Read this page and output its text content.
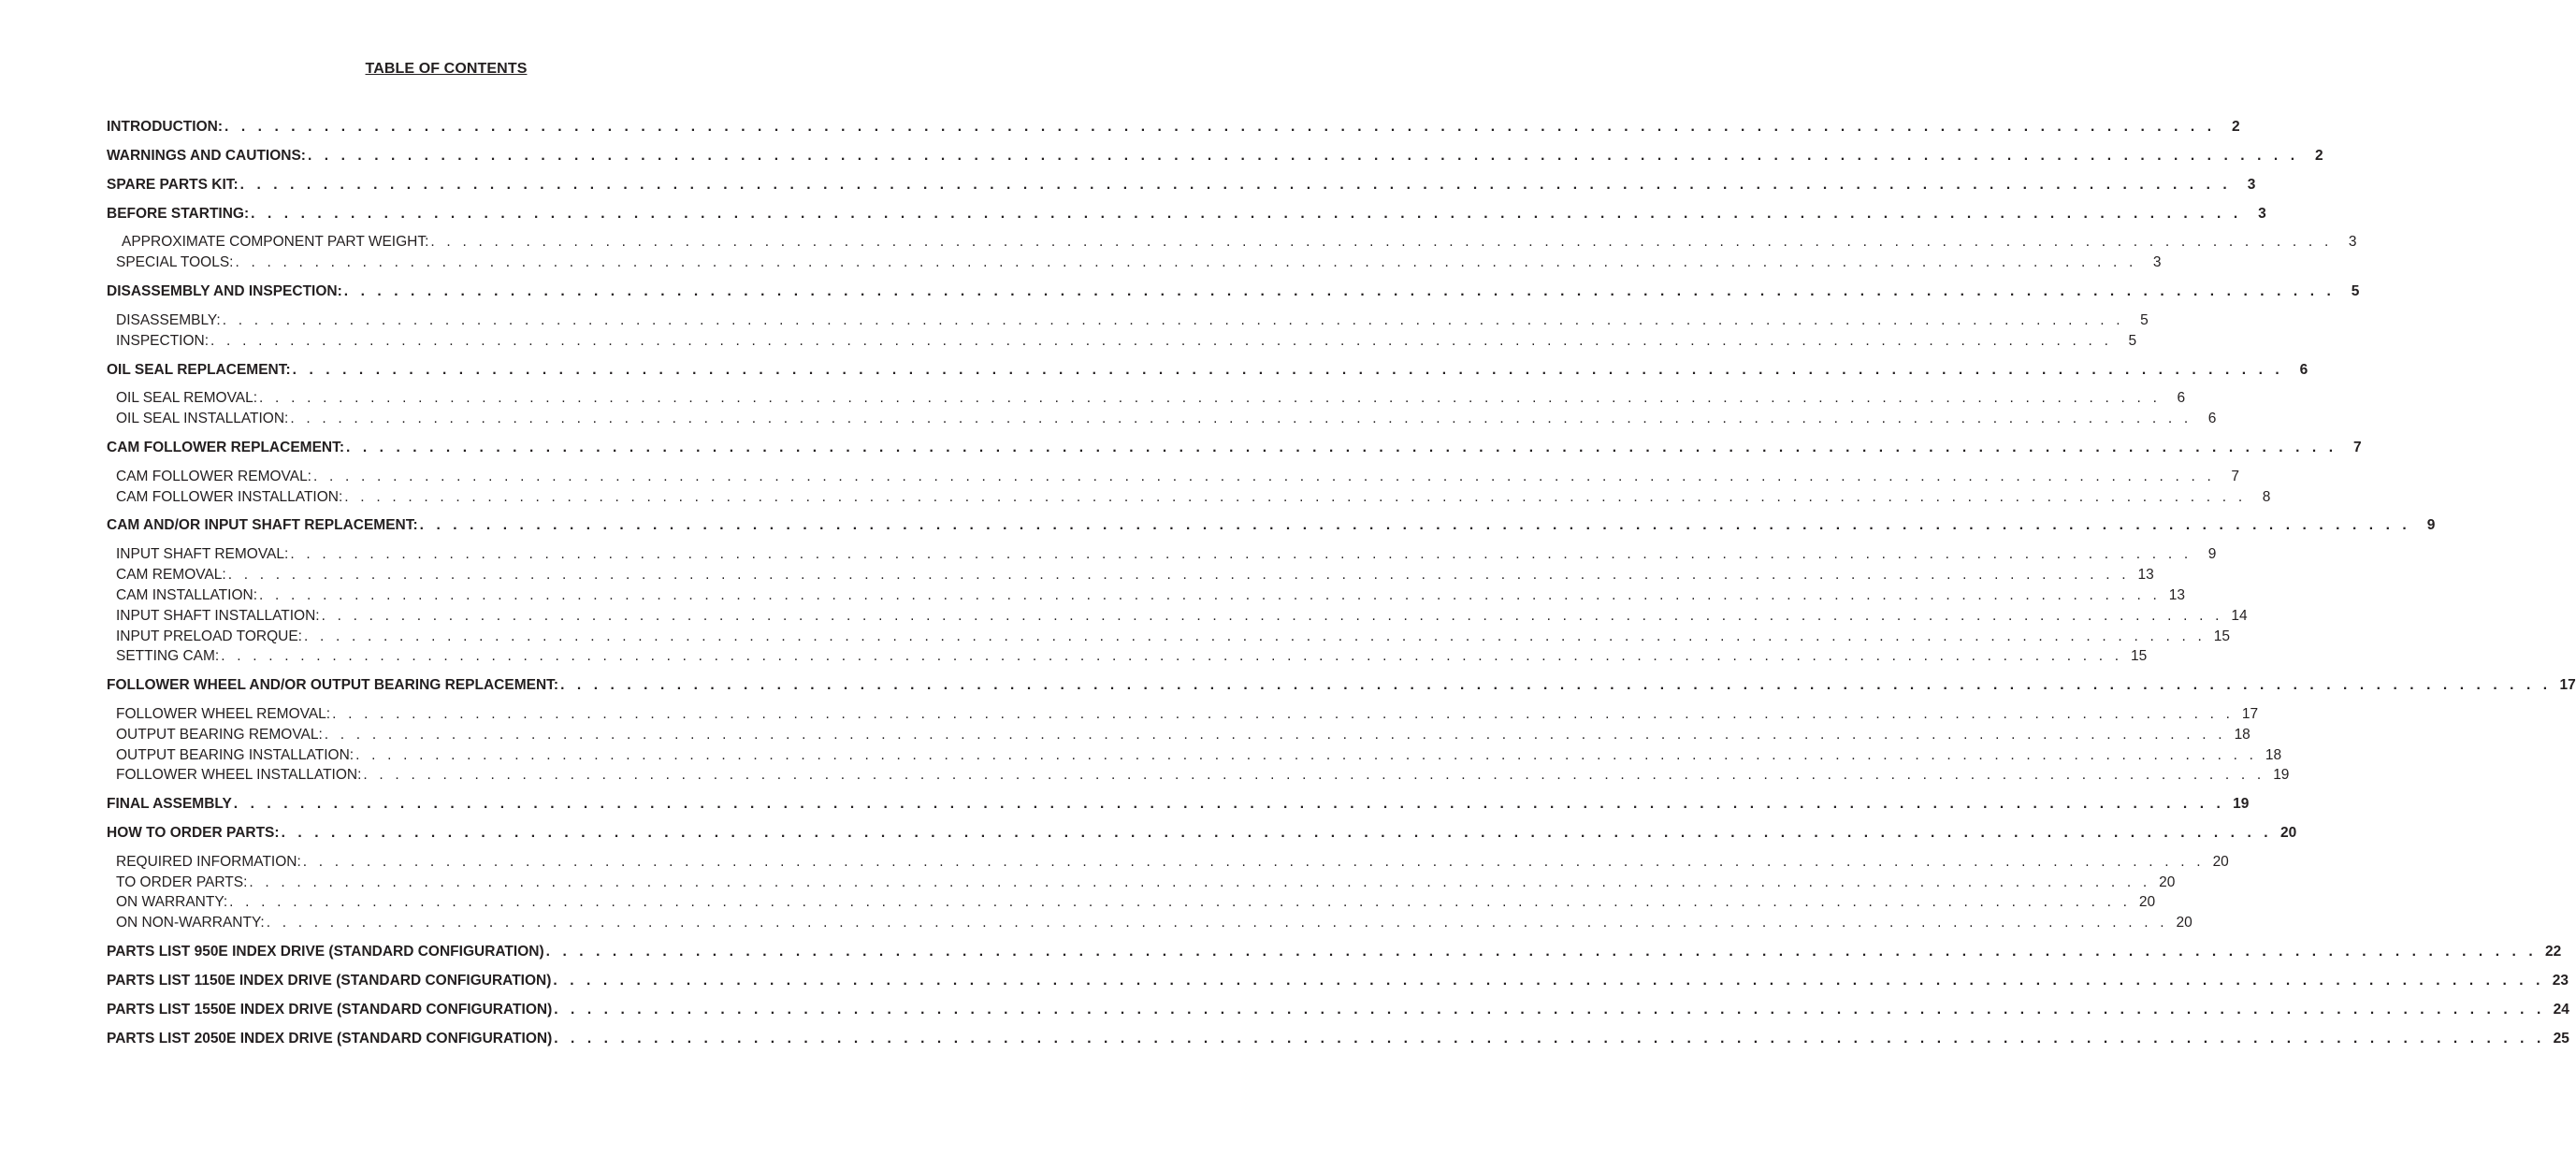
TABLE OF CONTENTS
INTRODUCTION: . . . . . . . . . . . . . . . . . . . . . . . . . . . . . . . . . . . . . . . . . . . . . . . . . . . . . . . . . . . . . . . . . . . . . . . . . . . . . . . . . . . . . . . . . . . . . . . . . . . . . . . . . . . . . . . . . . . . . . . .	2
WARNINGS AND CAUTIONS: . . . . . . . . . . . . . . . . . . . . . . . . . . . . . . . . . . . . . . . . . . . . . . . . . . . . . . . . . . . . . . . . . . . . . . . . . . . . . . . . . . . . . . . . . . . . . . . . . . . . . . . . . . . . . . . . . . . . . . . .	2
SPARE PARTS KIT: . . . . . . . . . . . . . . . . . . . . . . . . . . . . . . . . . . . . . . . . . . . . . . . . . . . . . . . . . . . . . . . . . . . . . . . . . . . . . . . . . . . . . . . . . . . . . . . . . . . . . . . . . . . . . . . . . . . . . . . .	3
BEFORE STARTING: . . . . . . . . . . . . . . . . . . . . . . . . . . . . . . . . . . . . . . . . . . . . . . . . . . . . . . . . . . . . . . . . . . . . . . . . . . . . . . . . . . . . . . . . . . . . . . . . . . . . . . . . . . . . . . . . . . . . . . . .	3
APPROXIMATE COMPONENT PART WEIGHT: . . . . . . . . . . . . . . . . . . . . . . . . . . . . . . . . . . . . . . . . . . . . . . . . . . . . . . . . . . . . . . . . . . . . . . . . . . . . . . . . . . . . . . . . . . . . . . . . . . . . . . . . . . . . . . . . . . . . . . . .	3
SPECIAL TOOLS: . . . . . . . . . . . . . . . . . . . . . . . . . . . . . . . . . . . . . . . . . . . . . . . . . . . . . . . . . . . . . . . . . . . . . . . . . . . . . . . . . . . . . . . . . . . . . . . . . . . . . . . . . . . . . . . . . . . . . . . .	3
DISASSEMBLY AND INSPECTION: . . . . . . . . . . . . . . . . . . . . . . . . . . . . . . . . . . . . . . . . . . . . . . . . . . . . . . . . . . . . . . . . . . . . . . . . . . . . . . . . . . . . . . . . . . . . . . . . . . . . . . . . . . . . . . . . . . . . . . . .	5
DISASSEMBLY: . . . . . . . . . . . . . . . . . . . . . . . . . . . . . . . . . . . . . . . . . . . . . . . . . . . . . . . . . . . . . . . . . . . . . . . . . . . . . . . . . . . . . . . . . . . . . . . . . . . . . . . . . . . . . . . . . . . . . . . .	5
INSPECTION: . . . . . . . . . . . . . . . . . . . . . . . . . . . . . . . . . . . . . . . . . . . . . . . . . . . . . . . . . . . . . . . . . . . . . . . . . . . . . . . . . . . . . . . . . . . . . . . . . . . . . . . . . . . . . . . . . . . . . . . .	5
OIL SEAL REPLACEMENT: . . . . . . . . . . . . . . . . . . . . . . . . . . . . . . . . . . . . . . . . . . . . . . . . . . . . . . . . . . . . . . . . . . . . . . . . . . . . . . . . . . . . . . . . . . . . . . . . . . . . . . . . . . . . . . . . . . . . . . . .	6
OIL SEAL REMOVAL: . . . . . . . . . . . . . . . . . . . . . . . . . . . . . . . . . . . . . . . . . . . . . . . . . . . . . . . . . . . . . . . . . . . . . . . . . . . . . . . . . . . . . . . . . . . . . . . . . . . . . . . . . . . . . . . . . . . . . . . .	6
OIL SEAL INSTALLATION: . . . . . . . . . . . . . . . . . . . . . . . . . . . . . . . . . . . . . . . . . . . . . . . . . . . . . . . . . . . . . . . . . . . . . . . . . . . . . . . . . . . . . . . . . . . . . . . . . . . . . . . . . . . . . . . . . . . . . . . .	6
CAM FOLLOWER REPLACEMENT: . . . . . . . . . . . . . . . . . . . . . . . . . . . . . . . . . . . . . . . . . . . . . . . . . . . . . . . . . . . . . . . . . . . . . . . . . . . . . . . . . . . . . . . . . . . . . . . . . . . . . . . . . . . . . . . . . . . . . . . .	7
CAM FOLLOWER REMOVAL: . . . . . . . . . . . . . . . . . . . . . . . . . . . . . . . . . . . . . . . . . . . . . . . . . . . . . . . . . . . . . . . . . . . . . . . . . . . . . . . . . . . . . . . . . . . . . . . . . . . . . . . . . . . . . . . . . . . . . . . .	7
CAM FOLLOWER INSTALLATION: . . . . . . . . . . . . . . . . . . . . . . . . . . . . . . . . . . . . . . . . . . . . . . . . . . . . . . . . . . . . . . . . . . . . . . . . . . . . . . . . . . . . . . . . . . . . . . . . . . . . . . . . . . . . . . . . . . . . . . . .	8
CAM AND/OR INPUT SHAFT REPLACEMENT: . . . . . . . . . . . . . . . . . . . . . . . . . . . . . . . . . . . . . . . . . . . . . . . . . . . . . . . . . . . . . . . . . . . . . . . . . . . . . . . . . . . . . . . . . . . . . . . . . . . . . . . . . . . . . . . . . . . . . . . .	9
INPUT SHAFT REMOVAL: . . . . . . . . . . . . . . . . . . . . . . . . . . . . . . . . . . . . . . . . . . . . . . . . . . . . . . . . . . . . . . . . . . . . . . . . . . . . . . . . . . . . . . . . . . . . . . . . . . . . . . . . . . . . . . . . . . . . . . . .	9
CAM REMOVAL: . . . . . . . . . . . . . . . . . . . . . . . . . . . . . . . . . . . . . . . . . . . . . . . . . . . . . . . . . . . . . . . . . . . . . . . . . . . . . . . . . . . . . . . . . . . . . . . . . . . . . . . . . . . . . . . . . . . . . . . . 13
CAM INSTALLATION: . . . . . . . . . . . . . . . . . . . . . . . . . . . . . . . . . . . . . . . . . . . . . . . . . . . . . . . . . . . . . . . . . . . . . . . . . . . . . . . . . . . . . . . . . . . . . . . . . . . . . . . . . . . . . . . . . . . . . . . . 13
INPUT SHAFT INSTALLATION: . . . . . . . . . . . . . . . . . . . . . . . . . . . . . . . . . . . . . . . . . . . . . . . . . . . . . . . . . . . . . . . . . . . . . . . . . . . . . . . . . . . . . . . . . . . . . . . . . . . . . . . . . . . . . . . . . . . . . . . . 14
INPUT PRELOAD TORQUE: . . . . . . . . . . . . . . . . . . . . . . . . . . . . . . . . . . . . . . . . . . . . . . . . . . . . . . . . . . . . . . . . . . . . . . . . . . . . . . . . . . . . . . . . . . . . . . . . . . . . . . . . . . . . . . . . . . . . . . . . 15
SETTING CAM: . . . . . . . . . . . . . . . . . . . . . . . . . . . . . . . . . . . . . . . . . . . . . . . . . . . . . . . . . . . . . . . . . . . . . . . . . . . . . . . . . . . . . . . . . . . . . . . . . . . . . . . . . . . . . . . . . . . . . . . . 15
FOLLOWER WHEEL AND/OR OUTPUT BEARING REPLACEMENT: . . . . . . . . . . . . . . . . . . . . . . . . . . . . . . . . . . . . . . . . . . . . . . . . . . . . . . . . . . . . . . . . . . . . . . . . . . . . . . . . . . . . . . . . . . . . . . . . . . . . . . . . . . . . . . . . . . . . . . . . 17
FOLLOWER WHEEL REMOVAL: . . . . . . . . . . . . . . . . . . . . . . . . . . . . . . . . . . . . . . . . . . . . . . . . . . . . . . . . . . . . . . . . . . . . . . . . . . . . . . . . . . . . . . . . . . . . . . . . . . . . . . . . . . . . . . . . . . . . . . . . 17
OUTPUT BEARING REMOVAL: . . . . . . . . . . . . . . . . . . . . . . . . . . . . . . . . . . . . . . . . . . . . . . . . . . . . . . . . . . . . . . . . . . . . . . . . . . . . . . . . . . . . . . . . . . . . . . . . . . . . . . . . . . . . . . . . . . . . . . . . 18
OUTPUT BEARING INSTALLATION: . . . . . . . . . . . . . . . . . . . . . . . . . . . . . . . . . . . . . . . . . . . . . . . . . . . . . . . . . . . . . . . . . . . . . . . . . . . . . . . . . . . . . . . . . . . . . . . . . . . . . . . . . . . . . . . . . . . . . . . . 18
FOLLOWER WHEEL INSTALLATION: . . . . . . . . . . . . . . . . . . . . . . . . . . . . . . . . . . . . . . . . . . . . . . . . . . . . . . . . . . . . . . . . . . . . . . . . . . . . . . . . . . . . . . . . . . . . . . . . . . . . . . . . . . . . . . . . . . . . . . . . 19
FINAL ASSEMBLY . . . . . . . . . . . . . . . . . . . . . . . . . . . . . . . . . . . . . . . . . . . . . . . . . . . . . . . . . . . . . . . . . . . . . . . . . . . . . . . . . . . . . . . . . . . . . . . . . . . . . . . . . . . . . . . . . . . . . . . . 19
HOW TO ORDER PARTS: . . . . . . . . . . . . . . . . . . . . . . . . . . . . . . . . . . . . . . . . . . . . . . . . . . . . . . . . . . . . . . . . . . . . . . . . . . . . . . . . . . . . . . . . . . . . . . . . . . . . . . . . . . . . . . . . . . . . . . . . 20
REQUIRED INFORMATION: . . . . . . . . . . . . . . . . . . . . . . . . . . . . . . . . . . . . . . . . . . . . . . . . . . . . . . . . . . . . . . . . . . . . . . . . . . . . . . . . . . . . . . . . . . . . . . . . . . . . . . . . . . . . . . . . . . . . . . . . 20
TO ORDER PARTS: . . . . . . . . . . . . . . . . . . . . . . . . . . . . . . . . . . . . . . . . . . . . . . . . . . . . . . . . . . . . . . . . . . . . . . . . . . . . . . . . . . . . . . . . . . . . . . . . . . . . . . . . . . . . . . . . . . . . . . . . 20
ON WARRANTY: . . . . . . . . . . . . . . . . . . . . . . . . . . . . . . . . . . . . . . . . . . . . . . . . . . . . . . . . . . . . . . . . . . . . . . . . . . . . . . . . . . . . . . . . . . . . . . . . . . . . . . . . . . . . . . . . . . . . . . . . 20
ON NON-WARRANTY: . . . . . . . . . . . . . . . . . . . . . . . . . . . . . . . . . . . . . . . . . . . . . . . . . . . . . . . . . . . . . . . . . . . . . . . . . . . . . . . . . . . . . . . . . . . . . . . . . . . . . . . . . . . . . . . . . . . . . . . . 20
PARTS LIST 950E INDEX DRIVE (STANDARD CONFIGURATION) . . . . . . . . . . . . . . . . . . . . . . . . . . . . . . . . . . . . . . . . . . . . . . . . . . . . . . . . . . . . . . . . . . . . . . . . . . . . . . . . . . . . . . . . . . . . . . . . . . . . . . . . . . . . . . . . . . . . . . . . 22
PARTS LIST 1150E INDEX DRIVE (STANDARD CONFIGURATION) . . . . . . . . . . . . . . . . . . . . . . . . . . . . . . . . . . . . . . . . . . . . . . . . . . . . . . . . . . . . . . . . . . . . . . . . . . . . . . . . . . . . . . . . . . . . . . . . . . . . . . . . . . . . . . . . . . . . . . . . 23
PARTS LIST 1550E INDEX DRIVE (STANDARD CONFIGURATION) . . . . . . . . . . . . . . . . . . . . . . . . . . . . . . . . . . . . . . . . . . . . . . . . . . . . . . . . . . . . . . . . . . . . . . . . . . . . . . . . . . . . . . . . . . . . . . . . . . . . . . . . . . . . . . . . . . . . . . . . 24
PARTS LIST 2050E INDEX DRIVE (STANDARD CONFIGURATION) . . . . . . . . . . . . . . . . . . . . . . . . . . . . . . . . . . . . . . . . . . . . . . . . . . . . . . . . . . . . . . . . . . . . . . . . . . . . . . . . . . . . . . . . . . . . . . . . . . . . . . . . . . . . . . . . . . . . . . . . 25
